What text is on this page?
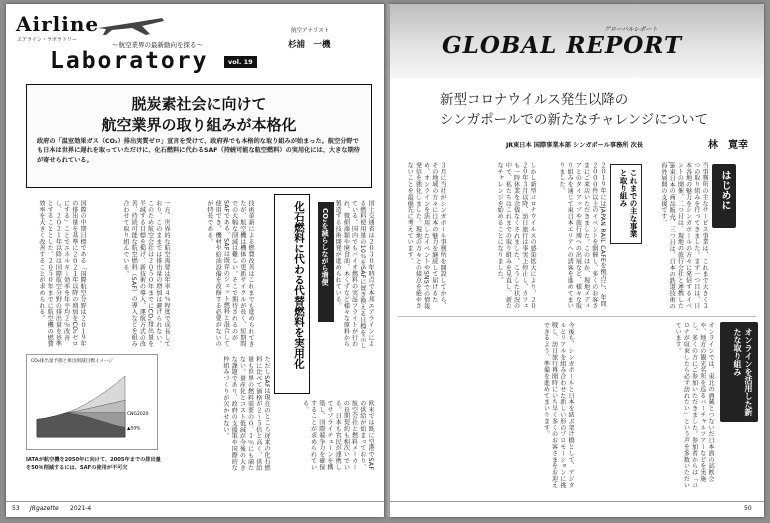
Airline
エアライン・ラボラトリー
〜航空業界の最新動向を探る〜
Laboratory	vol. 19
航空アナリスト
杉浦　一機
脱炭素社会に向けて
航空業界の取り組みが本格化
政府の「温室効果ガス（CO₂）排出実質ゼロ」宣言を受けて、政府界でも本格的な取り組みが始まった。航空分野でも日本は世界に遅れを取っていただけに、化石燃料に代わるSAF（持続可能な航空燃料）の実用化には、大きな期待が寄せられている。
国際の中期目標である「国際航空分野は２０１９年の排出量を基準に２０２１年以降の増加をCO₂ゼロにする」ことでエネルギー効率を年平均２％改善し、２０２１年以降は国際航空分野の排出量を基準とすることとした。２０５０年までに航空機の燃費効率を大きく改善することが求められる。	一方、世界的な航空需要は年率４％程度で成長しており、このままでは排出量の増加は避けられない。このため航空会社は２０５０年までにCO₂排出量を半減する目標を掲げ、新技術の導入、運航方式の改善、持続可能な航空燃料（SAF）の導入などを組み合わせて取り組んでいる。	技術革新による燃費改善はこれまでも進められてきたが、航空機は機体の更新サイクルが長く、短期間での大幅な削減は難しい。そこで期待されるのがSAFである。SAFは既存のジェット燃料と混合して使用でき、機材や給油設備を改修する必要がないのが特長である。	化石燃料に代わる代替燃料を実用化 CO₂を減らしながら増便	国土交通省は２０３０年時点で本邦エアラインによる燃料使用量の10％をSAFに置き換える目標を示している。国内でもバイオ燃料の実証フライトが行われ、微細藻類や廃食油、木くずなど様々な原料から製造する技術開発が進められている。
CO₂排出量予測と排出削減目標イメージ
CNG2020
▲50%
IATAが航空機を2050年に向けて、2005年までの排出量を50％削減するには、SAFの使用が不可欠	ただしSAFは現在のところ従来の化石燃料に比べて価格が２〜５倍と高く、供給量も世界の燃料需要の０．１％にも満たない。量産化とコスト低減が今後の大きな課題であり、政府の支援策や国際的な枠組みづくりが欠かせない。	欧米では既に空港でSAFの供給が始まっており、航空会社と燃料メーカーの長期契約も相次いでいる。日本も官民が連携してサプライチェーンを構築し、国際競争力を確保することが求められている。
53 JRgazette 2021-4
グローバルレポート
GLOBAL REPORT
新型コロナウイルス発生以降の
シンガポールでの新たなチャレンジについて
JR東日本 国際事業本部 シンガポール事務所 次長	林　寛幸
はじめに
これまでの主な事業と取り組み
オンラインを活用した新たな取り組み
当事務所の主なサービス事業は、これまで大きく３つの取り組みを行ってきました。まず一つ目は、日本各地の魅力をシンガポールの方々に発信するイベントの開催、二つ目は、現地の旅行会社と連携したJR東日本の商品販売、三つ目は、日本の鉄道技術の海外展開の支援です。
２０１９年にはJAPAN RAIL CAFEを拠点に、年間２０００件以上のイベントを開催し、多くのお客さまにご来店いただきました。このほか、現地メディアとのタイアップや旅行博への出展など、様々な取り組みを通じて東日本エリアへの誘客を進めてまいりました。
しかし新型コロナウイルスの感染拡大により、２０２０年３月以降、訪日旅行は事実上停止し、カフェも一時休業を余儀なくされました。こうした状況の中で、私たちはこれまでの取り組みを見直し、新たなチャレンジを始めることになりました。
３月に当社がシンガポール事務所を開設してから、その地域の方々に日本の魅力を継続して届けるため、オンラインを活用したイベントやSNSでの情報発信を強化しました。現地の方々との接点を絶やさないことを最優先に考えています。
オンラインでは、東北の酒蔵とつないだ日本酒の試飲会や、地方の観光名所を巡るバーチャルツアーなどを実施し、多くの方にご参加いただきました。参加者からは「コロナが収束したら必ず訪れたい」という声を多数いただいています。
今後も、シンガポールと日本を結ぶ架け橋として、デジタルとリアルを組み合わせた新しい形のプロモーションに挑戦し、訪日旅行再開時にいち早く多くのお客さまをお迎えできるよう、準備を進めてまいります。
50
